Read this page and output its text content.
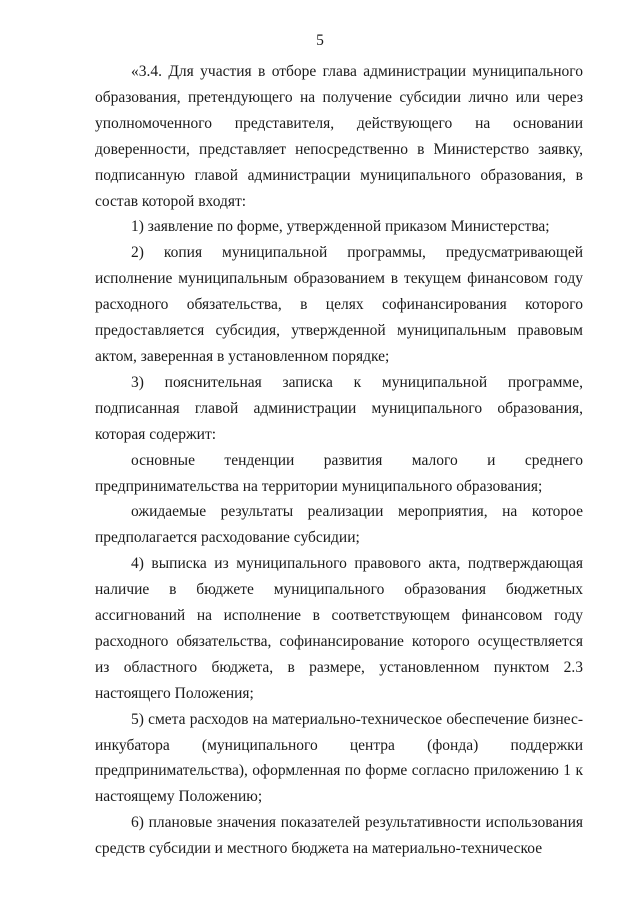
5

«3.4. Для участия в отборе глава администрации муниципального образования, претендующего на получение субсидии лично или через уполномоченного представителя, действующего на основании доверенности, представляет непосредственно в Министерство заявку, подписанную главой администрации муниципального образования, в состав которой входят:

1) заявление по форме, утвержденной приказом Министерства;

2) копия муниципальной программы, предусматривающей исполнение муниципальным образованием в текущем финансовом году расходного обязательства, в целях софинансирования которого предоставляется субсидия, утвержденной муниципальным правовым актом, заверенная в установленном порядке;

3) пояснительная записка к муниципальной программе, подписанная главой администрации муниципального образования, которая содержит:

основные тенденции развития малого и среднего предпринимательства на территории муниципального образования;

ожидаемые результаты реализации мероприятия, на которое предполагается расходование субсидии;

4) выписка из муниципального правового акта, подтверждающая наличие в бюджете муниципального образования бюджетных ассигнований на исполнение в соответствующем финансовом году расходного обязательства, софинансирование которого осуществляется из областного бюджета, в размере, установленном пунктом 2.3 настоящего Положения;

5) смета расходов на материально-техническое обеспечение бизнес-инкубатора (муниципального центра (фонда) поддержки предпринимательства), оформленная по форме согласно приложению 1 к настоящему Положению;

6) плановые значения показателей результативности использования средств субсидии и местного бюджета на материально-техническое
